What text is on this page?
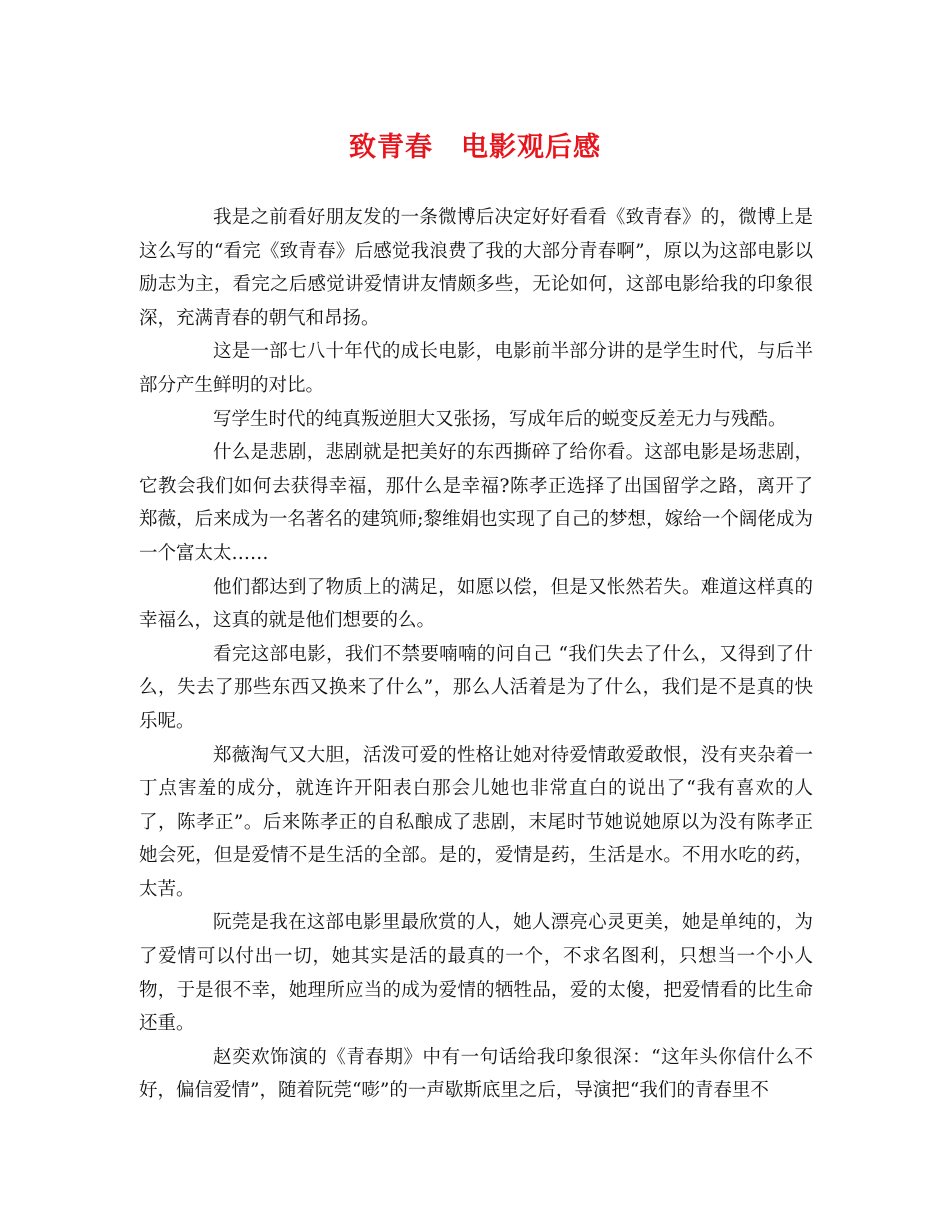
致青春　电影观后感

我是之前看好朋友发的一条微博后决定好好看看《致青春》的，微博上是这么写的“看完《致青春》后感觉我浪费了我的大部分青春啊”，原以为这部电影以励志为主，看完之后感觉讲爱情讲友情颇多些，无论如何，这部电影给我的印象很深，充满青春的朝气和昂扬。

这是一部七八十年代的成长电影，电影前半部分讲的是学生时代，与后半部分产生鲜明的对比。

写学生时代的纯真叛逆胆大又张扬，写成年后的蜕变反差无力与残酷。

什么是悲剧，悲剧就是把美好的东西撕碎了给你看。这部电影是场悲剧，它教会我们如何去获得幸福，那什么是幸福?陈孝正选择了出国留学之路，离开了郑薇，后来成为一名著名的建筑师;黎维娟也实现了自己的梦想，嫁给一个阔佬成为一个富太太……

他们都达到了物质上的满足，如愿以偿，但是又怅然若失。难道这样真的幸福么，这真的就是他们想要的么。

看完这部电影，我们不禁要喃喃的问自己 “我们失去了什么，又得到了什么，失去了那些东西又换来了什么”，那么人活着是为了什么，我们是不是真的快乐呢。

郑薇淘气又大胆，活泼可爱的性格让她对待爱情敢爱敢恨，没有夹杂着一丁点害羞的成分，就连许开阳表白那会儿她也非常直白的说出了“我有喜欢的人了，陈孝正”。后来陈孝正的自私酿成了悲剧，末尾时节她说她原以为没有陈孝正她会死，但是爱情不是生活的全部。是的，爱情是药，生活是水。不用水吃的药，太苦。

阮莞是我在这部电影里最欣赏的人，她人漂亮心灵更美，她是单纯的，为了爱情可以付出一切，她其实是活的最真的一个，不求名图利，只想当一个小人物，于是很不幸，她理所应当的成为爱情的牺牲品，爱的太傻，把爱情看的比生命还重。

赵奕欢饰演的《青春期》中有一句话给我印象很深：“这年头你信什么不好，偏信爱情”，随着阮莞“嘭”的一声歇斯底里之后，导演把“我们的青春里不
